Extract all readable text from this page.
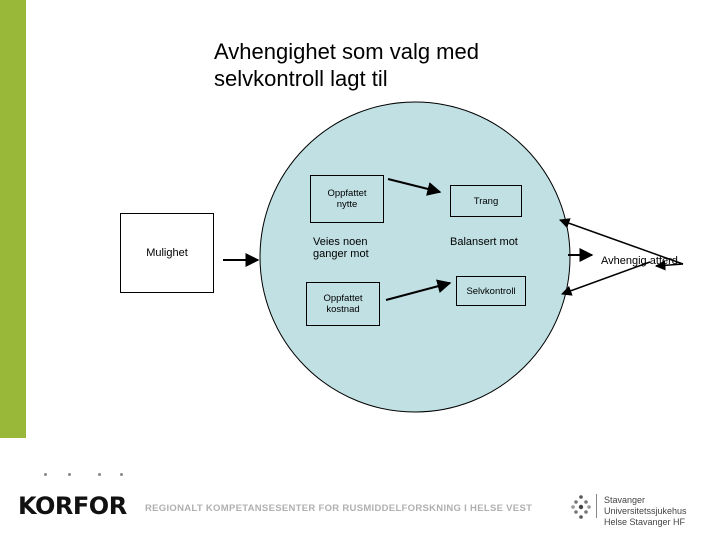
Avhengighet som valg med
selvkontroll lagt til
Mulighet
Oppfattet nytte
Oppfattet kostnad
Trang
Selvkontroll
Veies noen ganger mot
Balansert mot
Avhengig atferd
KORFOR REGIONALT KOMPETANSESENTER FOR RUSMIDDELFORSKNING I HELSE VEST
Stavanger Universitetssjukehus
Helse Stavanger HF
